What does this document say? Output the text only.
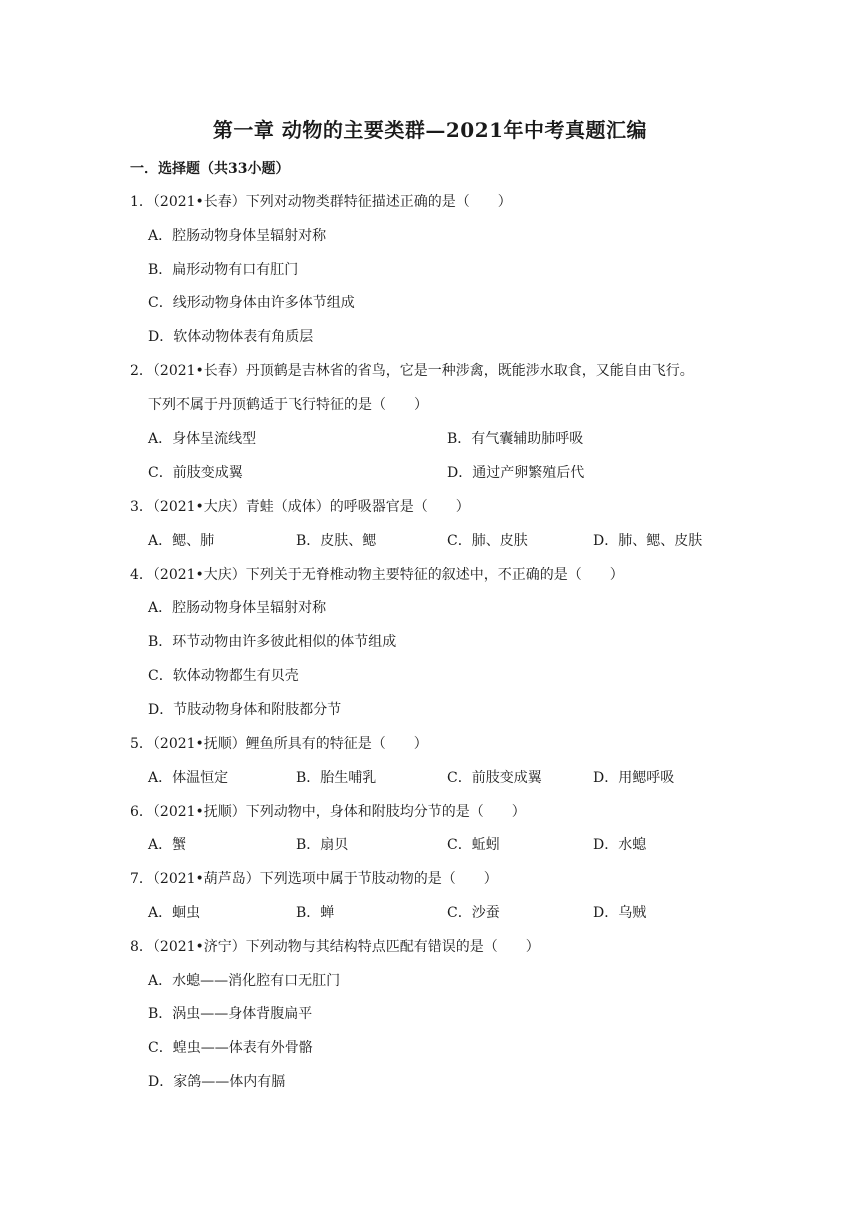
第一章 动物的主要类群—2021年中考真题汇编
一．选择题（共33小题）
1．（2021•长春）下列对动物类群特征描述正确的是（　　）
A．腔肠动物身体呈辐射对称
B．扁形动物有口有肛门
C．线形动物身体由许多体节组成
D．软体动物体表有角质层
2．（2021•长春）丹顶鹤是吉林省的省鸟，它是一种涉禽，既能涉水取食，又能自由飞行。
下列不属于丹顶鹤适于飞行特征的是（　　）
A．身体呈流线型	B．有气囊辅助肺呼吸
C．前肢变成翼	D．通过产卵繁殖后代
3．（2021•大庆）青蛙（成体）的呼吸器官是（　　）
A．鳃、肺	B．皮肤、鳃	C．肺、皮肤	D．肺、鳃、皮肤
4．（2021•大庆）下列关于无脊椎动物主要特征的叙述中，不正确的是（　　）
A．腔肠动物身体呈辐射对称
B．环节动物由许多彼此相似的体节组成
C．软体动物都生有贝壳
D．节肢动物身体和附肢都分节
5．（2021•抚顺）鲤鱼所具有的特征是（　　）
A．体温恒定	B．胎生哺乳	C．前肢变成翼	D．用鳃呼吸
6．（2021•抚顺）下列动物中，身体和附肢均分节的是（　　）
A．蟹	B．扇贝	C．蚯蚓	D．水螅
7．（2021•葫芦岛）下列选项中属于节肢动物的是（　　）
A．蛔虫	B．蝉	C．沙蚕	D．乌贼
8．（2021•济宁）下列动物与其结构特点匹配有错误的是（　　）
A．水螅——消化腔有口无肛门
B．涡虫——身体背腹扁平
C．蝗虫——体表有外骨骼
D．家鸽——体内有膈
